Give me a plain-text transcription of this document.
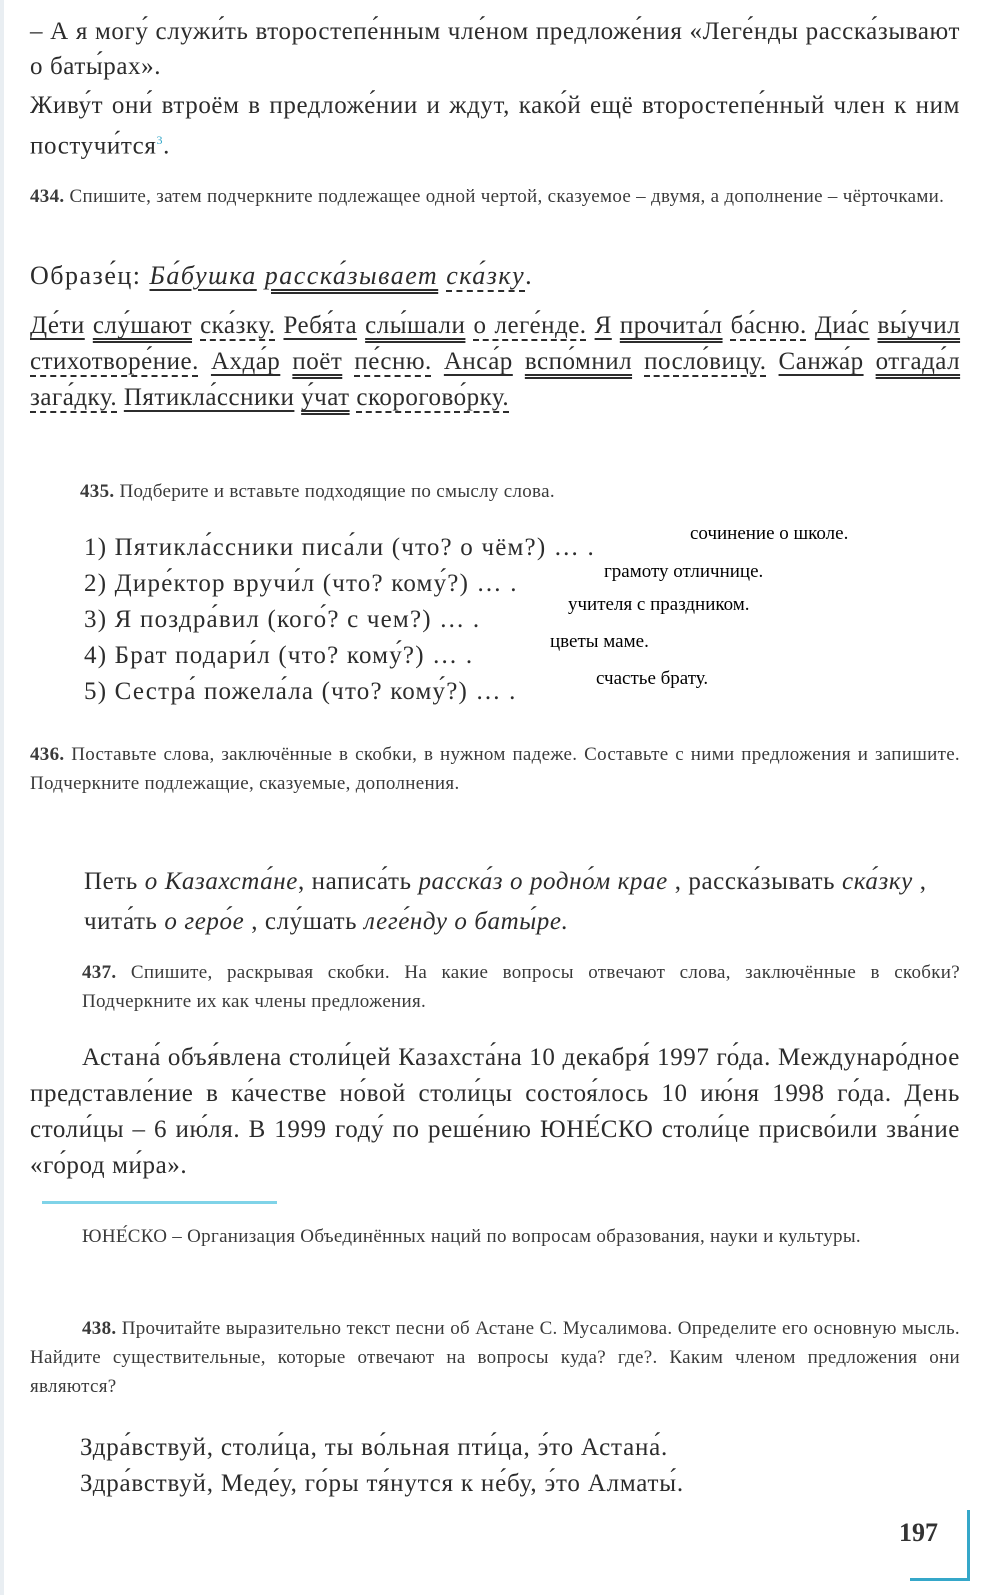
– А я могу́ служи́ть второстепе́нным чле́ном предложе́ния «Леге́нды расска́зывают о баты́рах».
Живу́т они́ втроём в предложе́нии и ждут, како́й ещё второстепе́нный член к ним постучи́тся$^3$.
434. Спишите, затем подчеркните подлежащее одной чертой, сказуемое – двумя, а дополнение – чёрточками.
Образе́ц: Ба́бушка расска́зывает ска́зку.
Де́ти слу́шают ска́зку. Ребя́та слы́шали о леге́нде. Я прочита́л ба́сню. Диа́с вы́учил стихотворе́ние. Ахда́р поёт пе́сню. Анса́р вспо́мнил посло́вицу. Санжа́р отгада́л зага́дку. Пятикла́ссники у́чат скорогово́рку.
435. Подберите и вставьте подходящие по смыслу слова.
1) Пятикла́ссники писа́ли (что? о чём?) … .
сочинение о школе.
2) Дире́ктор вручи́л (что? кому́?) … .	грамоту отличнице.
3) Я поздра́вил (кого́? с чем?) … .
учителя с праздником.
4) Брат подари́л (что? кому́?) … .
цветы маме.
5) Сестра́ пожела́ла (что? кому́?) … .	счастье брату.
436. Поставьте слова, заключённые в скобки, в нужном падеже. Составьте с ними предложения и запишите. Подчеркните подлежащие, сказуемые, дополнения.
Петь о Казахста́не, написа́ть расска́з о родно́м крае , расска́зывать ска́зку , чита́ть о геро́е , слу́шать леге́нду о баты́ре.
437. Спишите, раскрывая скобки. На какие вопросы отвечают слова, заключённые в скобки? Подчеркните их как члены предложения.
Астана́ объя́влена столи́цей Казахста́на 10 декабря́ 1997 го́да. Междунаро́дное представле́ние в ка́честве но́вой столи́цы состоя́лось 10 ию́ня 1998 го́да. День столи́цы – 6 ию́ля. В 1999 году́ по реше́нию ЮНЕ́СКО столи́це присво́или зва́ние «го́род ми́ра».
ЮНЕ́СКО – Организация Объединённых наций по вопросам образования, науки и культуры.
438. Прочитайте выразительно текст песни об Астане С. Мусалимова. Определите его основную мысль. Найдите существительные, которые отвечают на вопросы куда? где?. Каким членом предложения они являются?
Здра́вствуй, столи́ца, ты во́льная пти́ца, э́то Астана́.
Здра́вствуй, Меде́у, го́ры тя́нутся к не́бу, э́то Алматы́.
197
